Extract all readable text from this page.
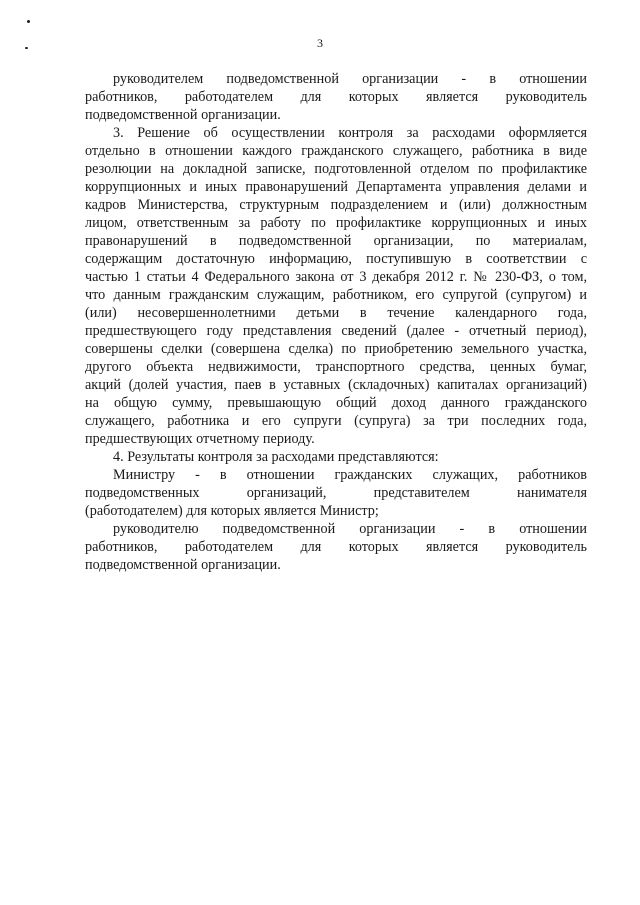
3
руководителем подведомственной организации - в отношении
работников, работодателем для которых является руководитель
подведомственной организации.
3. Решение об осуществлении контроля за расходами оформляется
отдельно в отношении каждого гражданского служащего, работника в виде
резолюции на докладной записке, подготовленной отделом по профилактике
коррупционных и иных правонарушений Департамента управления делами и
кадров Министерства, структурным подразделением и (или) должностным
лицом, ответственным за работу по профилактике коррупционных и иных
правонарушений в подведомственной организации, по материалам,
содержащим достаточную информацию, поступившую в соответствии с
частью 1 статьи 4 Федерального закона от 3 декабря 2012 г. № 230-ФЗ, о том,
что данным гражданским служащим, работником, его супругой (супругом) и
(или) несовершеннолетними детьми в течение календарного года,
предшествующего году представления сведений (далее - отчетный период),
совершены сделки (совершена сделка) по приобретению земельного участка,
другого объекта недвижимости, транспортного средства, ценных бумаг,
акций (долей участия, паев в уставных (складочных) капиталах организаций)
на общую сумму, превышающую общий доход данного гражданского
служащего, работника и его супруги (супруга) за три последних года,
предшествующих отчетному периоду.
4. Результаты контроля за расходами представляются:
Министру - в отношении гражданских служащих, работников
подведомственных организаций, представителем нанимателя
(работодателем) для которых является Министр;
руководителю подведомственной организации - в отношении
работников, работодателем для которых является руководитель
подведомственной организации.
